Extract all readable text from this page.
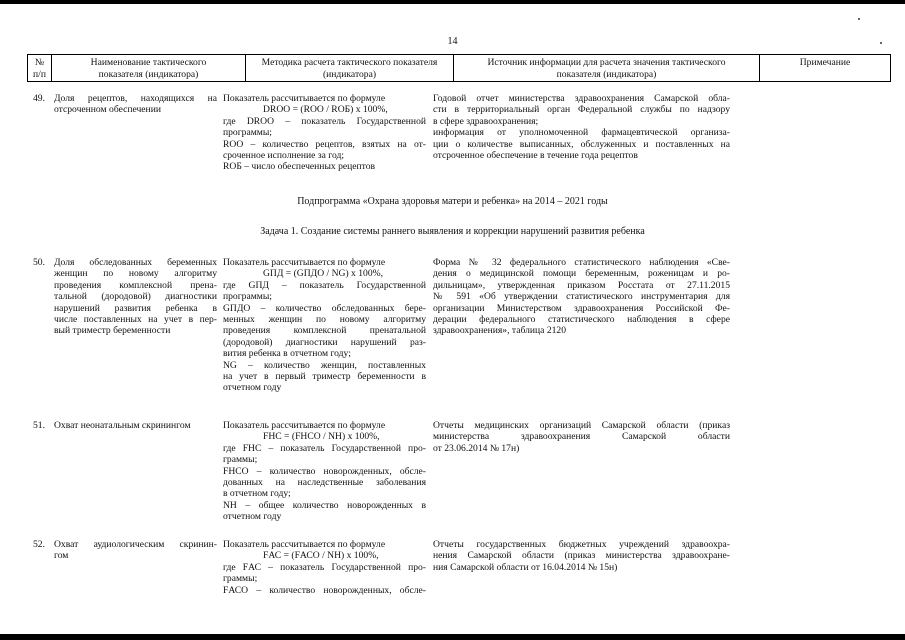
14
№
п/п
Наименование тактического
показателя (индикатора)
Методика расчета тактического показателя
(индикатора)
Источник информации для расчета значения тактического
показателя (индикатора)
Примечание
49. Доля рецептов, находящихся на
отсроченном обеспечении
Показатель рассчитывается по формуле
DRОО = (RОО / RОБ) х 100%,
где DRОО – показатель Государственной
программы;
RОО – количество рецептов, взятых на от-
сроченное исполнение за год;
RОБ – число обеспеченных рецептов
Годовой отчет министерства здравоохранения Самарской обла-
сти в территориальный орган Федеральной службы по надзору
в сфере здравоохранения;
информация от уполномоченной фармацевтической организа-
ции о количестве выписанных, обслуженных и поставленных на
отсроченное обеспечение в течение года рецептов
Подпрограмма «Охрана здоровья матери и ребенка» на 2014 – 2021 годы
Задача 1. Создание системы раннего выявления и коррекции нарушений развития ребенка
50. Доля обследованных беременных
женщин по новому алгоритму
проведения комплексной прена-
тальной (дородовой) диагностики
нарушений развития ребенка в
числе поставленных на учет в пер-
вый триместр беременности
Показатель рассчитывается по формуле
GПД = (GПДО / NG) х 100%,
где GПД – показатель Государственной
программы;
GПДО – количество обследованных бере-
менных женщин по новому алгоритму
проведения комплексной пренатальной
(дородовой) диагностики нарушений раз-
вития ребенка в отчетном году;
NG – количество женщин, поставленных
на учет в первый триместр беременности в
отчетном году
Форма № 32 федерального статистического наблюдения «Све-
дения о медицинской помощи беременным, роженицам и ро-
дильницам», утвержденная приказом Росстата от 27.11.2015
№ 591 «Об утверждении статистического инструментария для
организации Министерством здравоохранения Российской Фе-
дерации федерального статистического наблюдения в сфере
здравоохранения», таблица 2120
51. Охват неонатальным скринингом	Показатель рассчитывается по формуле
FНС = (FНСО / NН) х 100%,
где FНС – показатель Государственной про-
граммы;
FНСО – количество новорожденных, обсле-
дованных на наследственные заболевания
в отчетном году;
NН – общее количество новорожденных в
отчетном году
Отчеты медицинских организаций Самарской области (приказ
министерства здравоохранения Самарской области
от 23.06.2014 № 17н)
52. Охват аудиологическим скринин-
гом
Показатель рассчитывается по формуле
FАС = (FАСО / NН) х 100%,
где FАС – показатель Государственной про-
граммы;
FАСО – количество новорожденных, обсле-
Отчеты государственных бюджетных учреждений здравоохра-
нения Самарской области (приказ министерства здравоохране-
ния Самарской области от 16.04.2014 № 15н)
